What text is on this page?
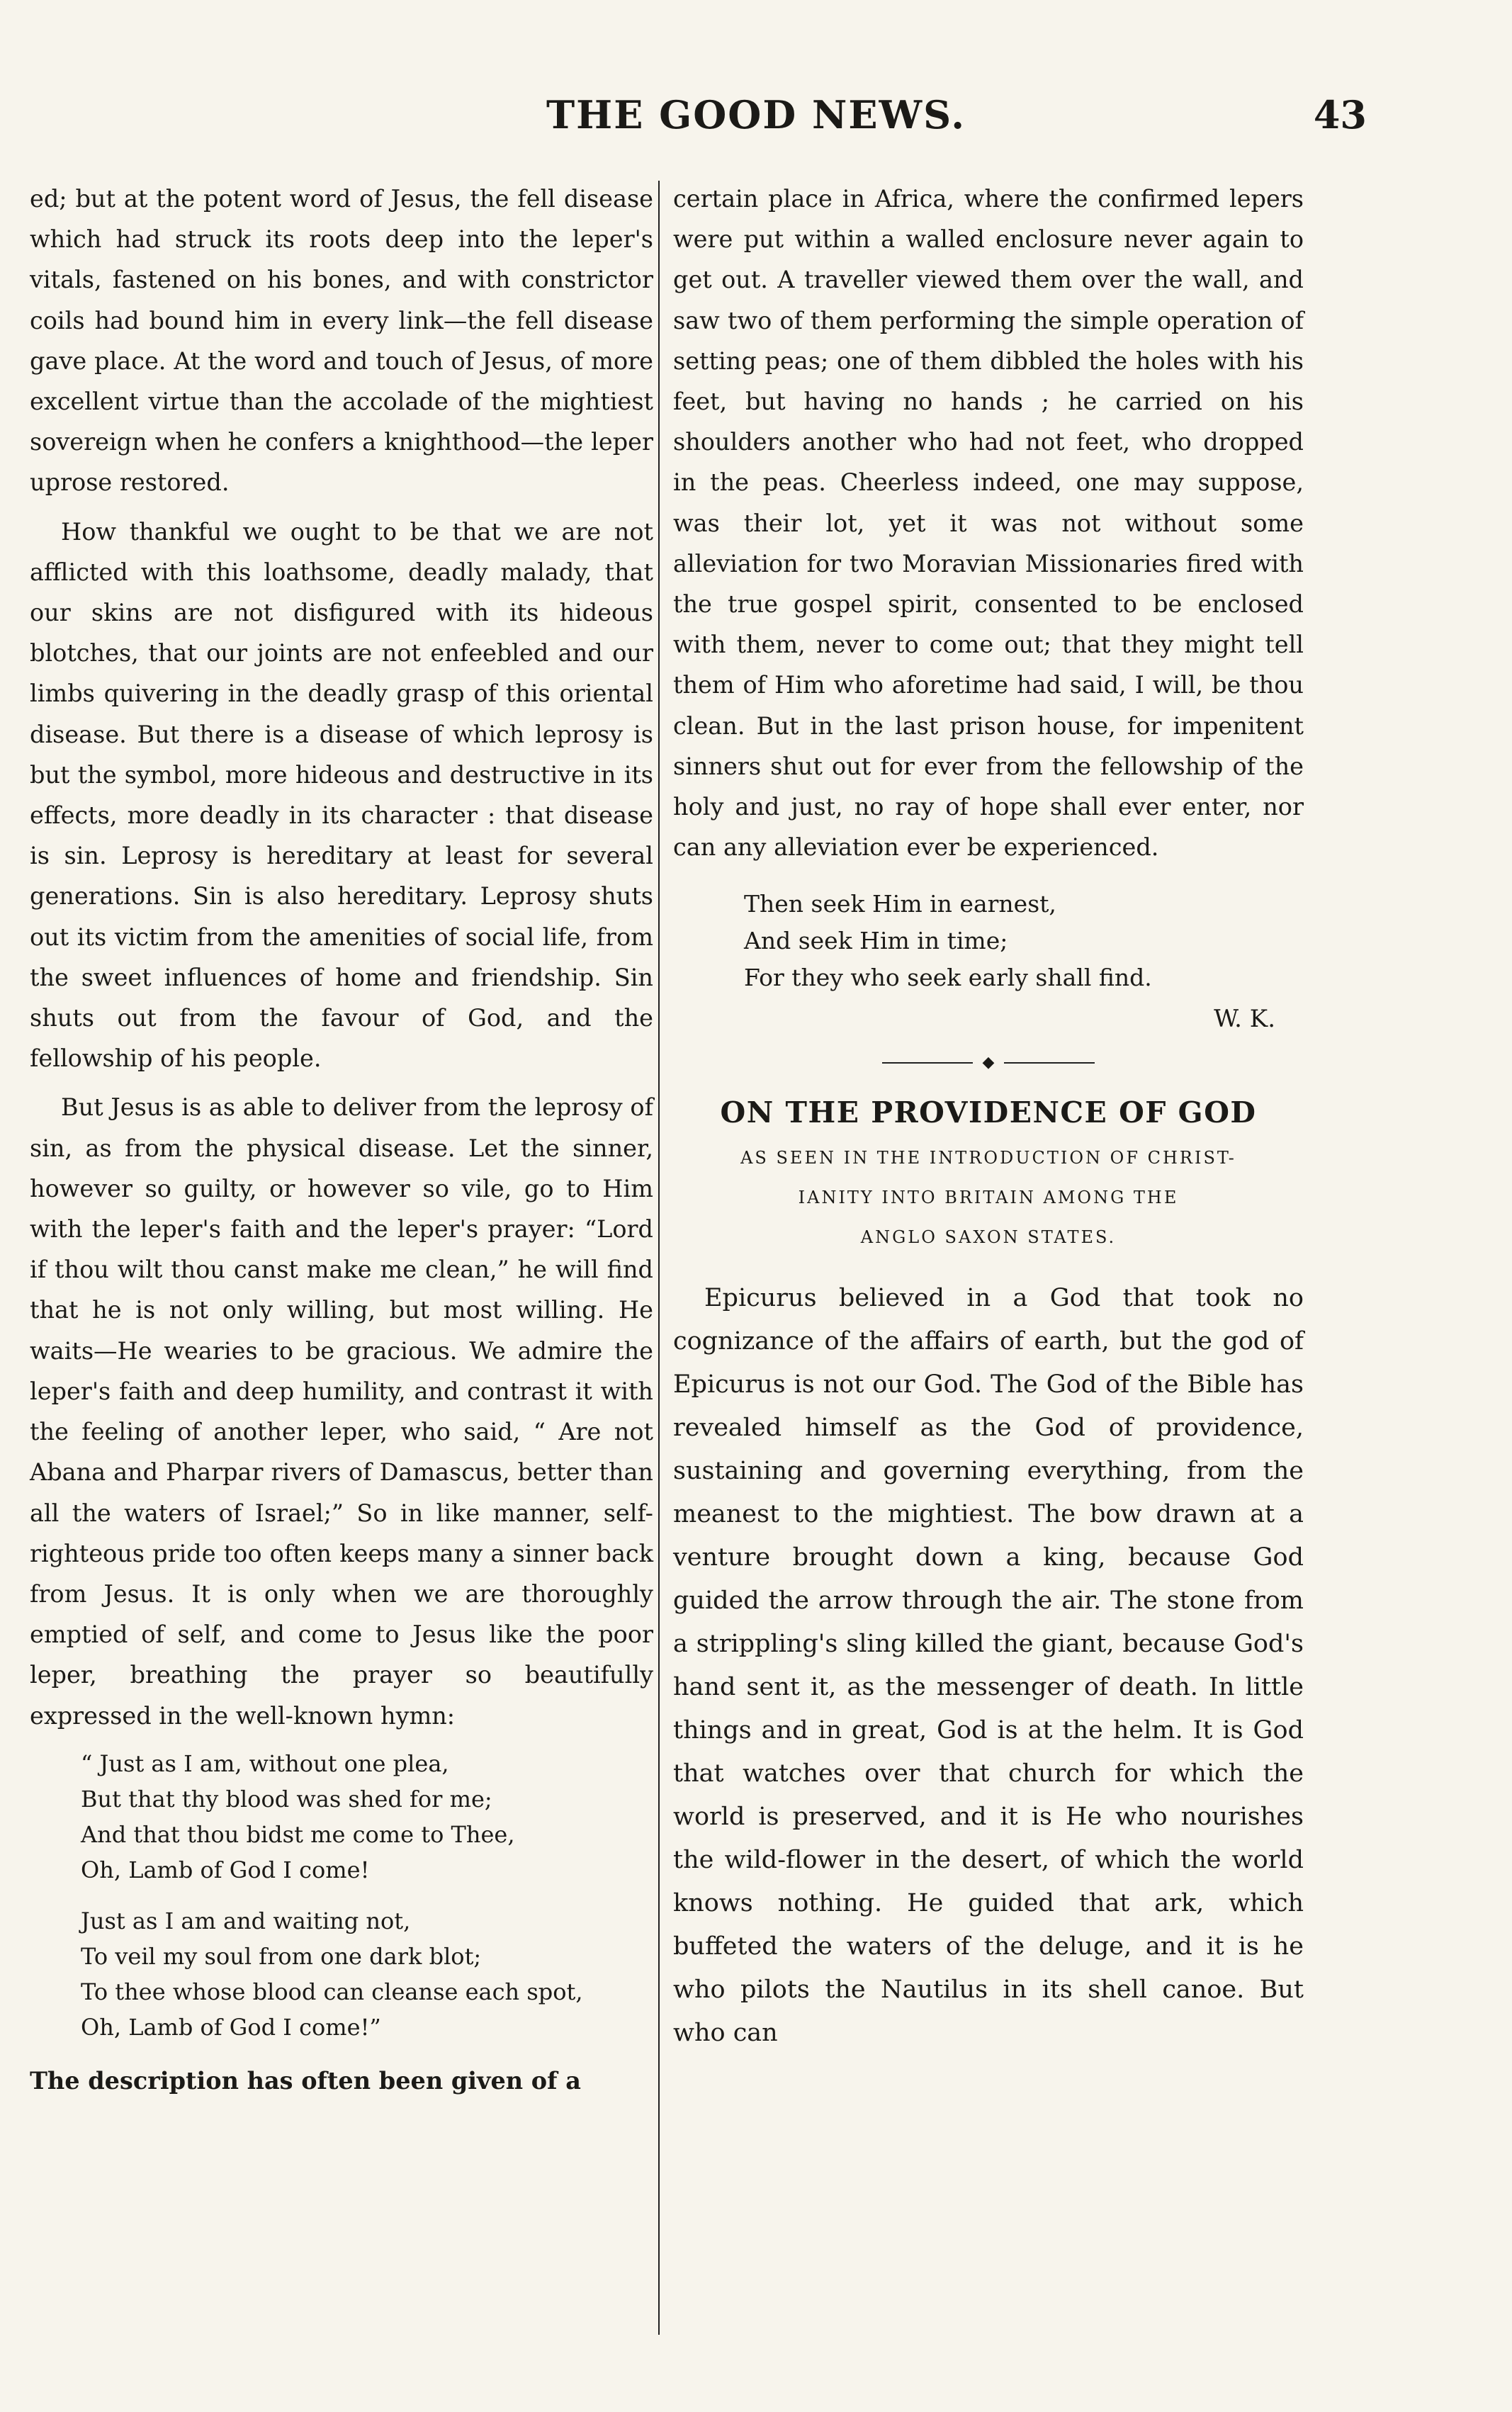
THE GOOD NEWS.	43

ed; but at the potent word of Jesus, the fell disease which had struck its roots deep into the leper's vitals, fastened on his bones, and with constrictor coils had bound him in every link—the fell disease gave place. At the word and touch of Jesus, of more excellent virtue than the accolade of the mightiest sovereign when he confers a knighthood—the leper uprose restored.

How thankful we ought to be that we are not afflicted with this loathsome, deadly malady, that our skins are not disfigured with its hideous blotches, that our joints are not enfeebled and our limbs quivering in the deadly grasp of this oriental disease. But there is a disease of which leprosy is but the symbol, more hideous and destructive in its effects, more deadly in its character : that disease is sin. Leprosy is hereditary at least for several generations. Sin is also hereditary. Leprosy shuts out its victim from the amenities of social life, from the sweet influences of home and friendship. Sin shuts out from the favour of God, and the fellowship of his people.

But Jesus is as able to deliver from the leprosy of sin, as from the physical disease. Let the sinner, however so guilty, or however so vile, go to Him with the leper's faith and the leper's prayer: “Lord if thou wilt thou canst make me clean,” he will find that he is not only willing, but most willing. He waits—He wearies to be gracious. We admire the leper's faith and deep humility, and contrast it with the feeling of another leper, who said, “ Are not Abana and Pharpar rivers of Damascus, better than all the waters of Israel;” So in like manner, self-righteous pride too often keeps many a sinner back from Jesus. It is only when we are thoroughly emptied of self, and come to Jesus like the poor leper, breathing the prayer so beautifully expressed in the well-known hymn:

“ Just as I am, without one plea,
But that thy blood was shed for me;
And that thou bidst me come to Thee,
Oh, Lamb of God I come!
Just as I am and waiting not,
To veil my soul from one dark blot;
To thee whose blood can cleanse each spot,
Oh, Lamb of God I come!”

The description has often been given of a

certain place in Africa, where the confirmed lepers were put within a walled enclosure never again to get out. A traveller viewed them over the wall, and saw two of them performing the simple operation of setting peas; one of them dibbled the holes with his feet, but having no hands ; he carried on his shoulders another who had not feet, who dropped in the peas. Cheerless indeed, one may suppose, was their lot, yet it was not without some alleviation for two Moravian Missionaries fired with the true gospel spirit, consented to be enclosed with them, never to come out; that they might tell them of Him who aforetime had said, I will, be thou clean. But in the last prison house, for impenitent sinners shut out for ever from the fellowship of the holy and just, no ray of hope shall ever enter, nor can any alleviation ever be experienced.

Then seek Him in earnest,
And seek Him in time;
For they who seek early shall find.

W. K.

◆

ON THE PROVIDENCE OF GOD

AS SEEN IN THE INTRODUCTION OF CHRIST-

IANITY INTO BRITAIN AMONG THE

ANGLO SAXON STATES.

Epicurus believed in a God that took no cognizance of the affairs of earth, but the god of Epicurus is not our God. The God of the Bible has revealed himself as the God of providence, sustaining and governing everything, from the meanest to the mightiest. The bow drawn at a venture brought down a king, because God guided the arrow through the air. The stone from a strippling's sling killed the giant, because God's hand sent it, as the messenger of death. In little things and in great, God is at the helm. It is God that watches over that church for which the world is preserved, and it is He who nourishes the wild-flower in the desert, of which the world knows nothing. He guided that ark, which buffeted the waters of the deluge, and it is he who pilots the Nautilus in its shell canoe. But who can
